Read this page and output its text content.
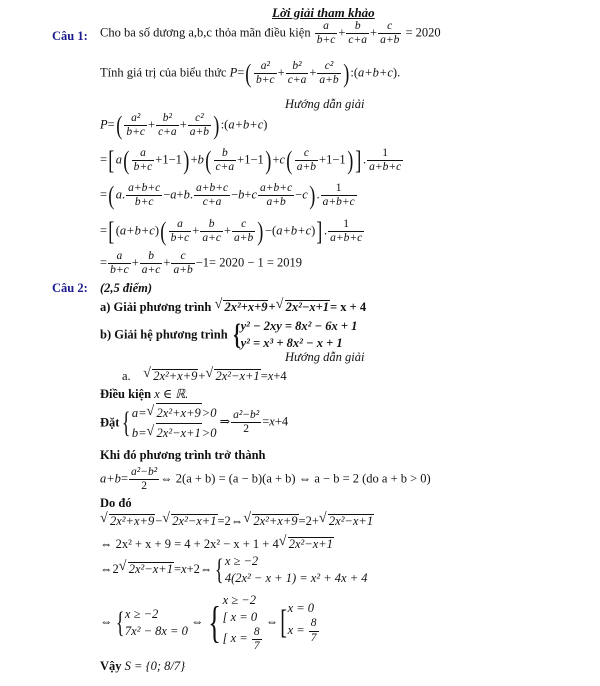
Lời giải tham khảo
Câu 1: Cho ba số dương a,b,c thỏa mãn điều kiện $\frac{a}{b+c} + \frac{b}{c+a} + \frac{c}{a+b} = 2020$
Tính giá trị của biểu thức $P=( \frac{\text{a²}}{b+c} + \frac{\text{b²}}{c+a} + \frac{\text{c²}}{a+b}$ ):(a+b+c).
Hướng dẫn giải
$P=( \frac{\text{a²}}{b+c} + \frac{\text{b²}}{c+a} + \frac{\text{c²}}{a+b}$ ):(a+b+c)
$=[a( \frac{a}{b+c} +1-1)+b( \frac{b}{c+a} +1-1)+c( \frac{c}{a+b} +1-1)$ ]. $\frac{1}{a+b+c}$
=(a. $\frac{a+b+c}{b+c} -a+b$. $\frac{a+b+c}{c+a} -b+c \frac{a+b+c}{a+b} -c$). $\frac{1}{a+b+c}$
$=[(a+b+c)( \frac{a}{b+c} + \frac{b}{a+c} + \frac{c}{a+b} )-(a+b+c)]$. $\frac{1}{a+b+c}$
= $\frac{a}{b+c} + \frac{b}{a+c} + \frac{c}{a+b} -1= 2020 - 1 = 2019$
Câu 2: (2,5 điểm)
a) Giải phương trình √ 2x²+x+9+ √ 2x²−x+1= x + 4
b) Giải hệ phương trình {y² − 2xy = 8x² − 6x + 1
y² = x³ + 8x² − x + 1
Hướng dẫn giải
a. √ 2x²+x+9+ √ 2x²−x+1=x+4
Điều kiện x ∈ ℝ.
Đặt{a= √ 2x²+x+9>0
b= √ 2x²−x+1>0 ⇒ $\frac{\text{a²−b²}}{2} =x+4$
Khi đó phương trình trở thành
$a+b= \frac{\text{a²−b²}}{2}$ ⇔ 2(a + b) = (a − b)(a + b) ⇔ a − b = 2 (do a + b > 0)
Do đó
√ 2x²+x+9− √ 2x²−x+1=2⇔ √ 2x²+x+9=2+ √ 2x²−x+1
⇔ 2x² + x + 9 = 4 + 2x² − x + 1 + 4 √ 2x²−x+1
⇔2 √ 2x²−x+1=x+2⇔{x ≥ −2
4(2x² − x + 1) = x² + 4x + 4
⇔{x ≥ −2
7x² − 8x = 0 ⇔{ x ≥ −2
[ x = 0
[ $x = \frac{8}{7}$
⇔[x = 0
$x = \frac{8}{7}$
Vậy S = {0; 8/7}
